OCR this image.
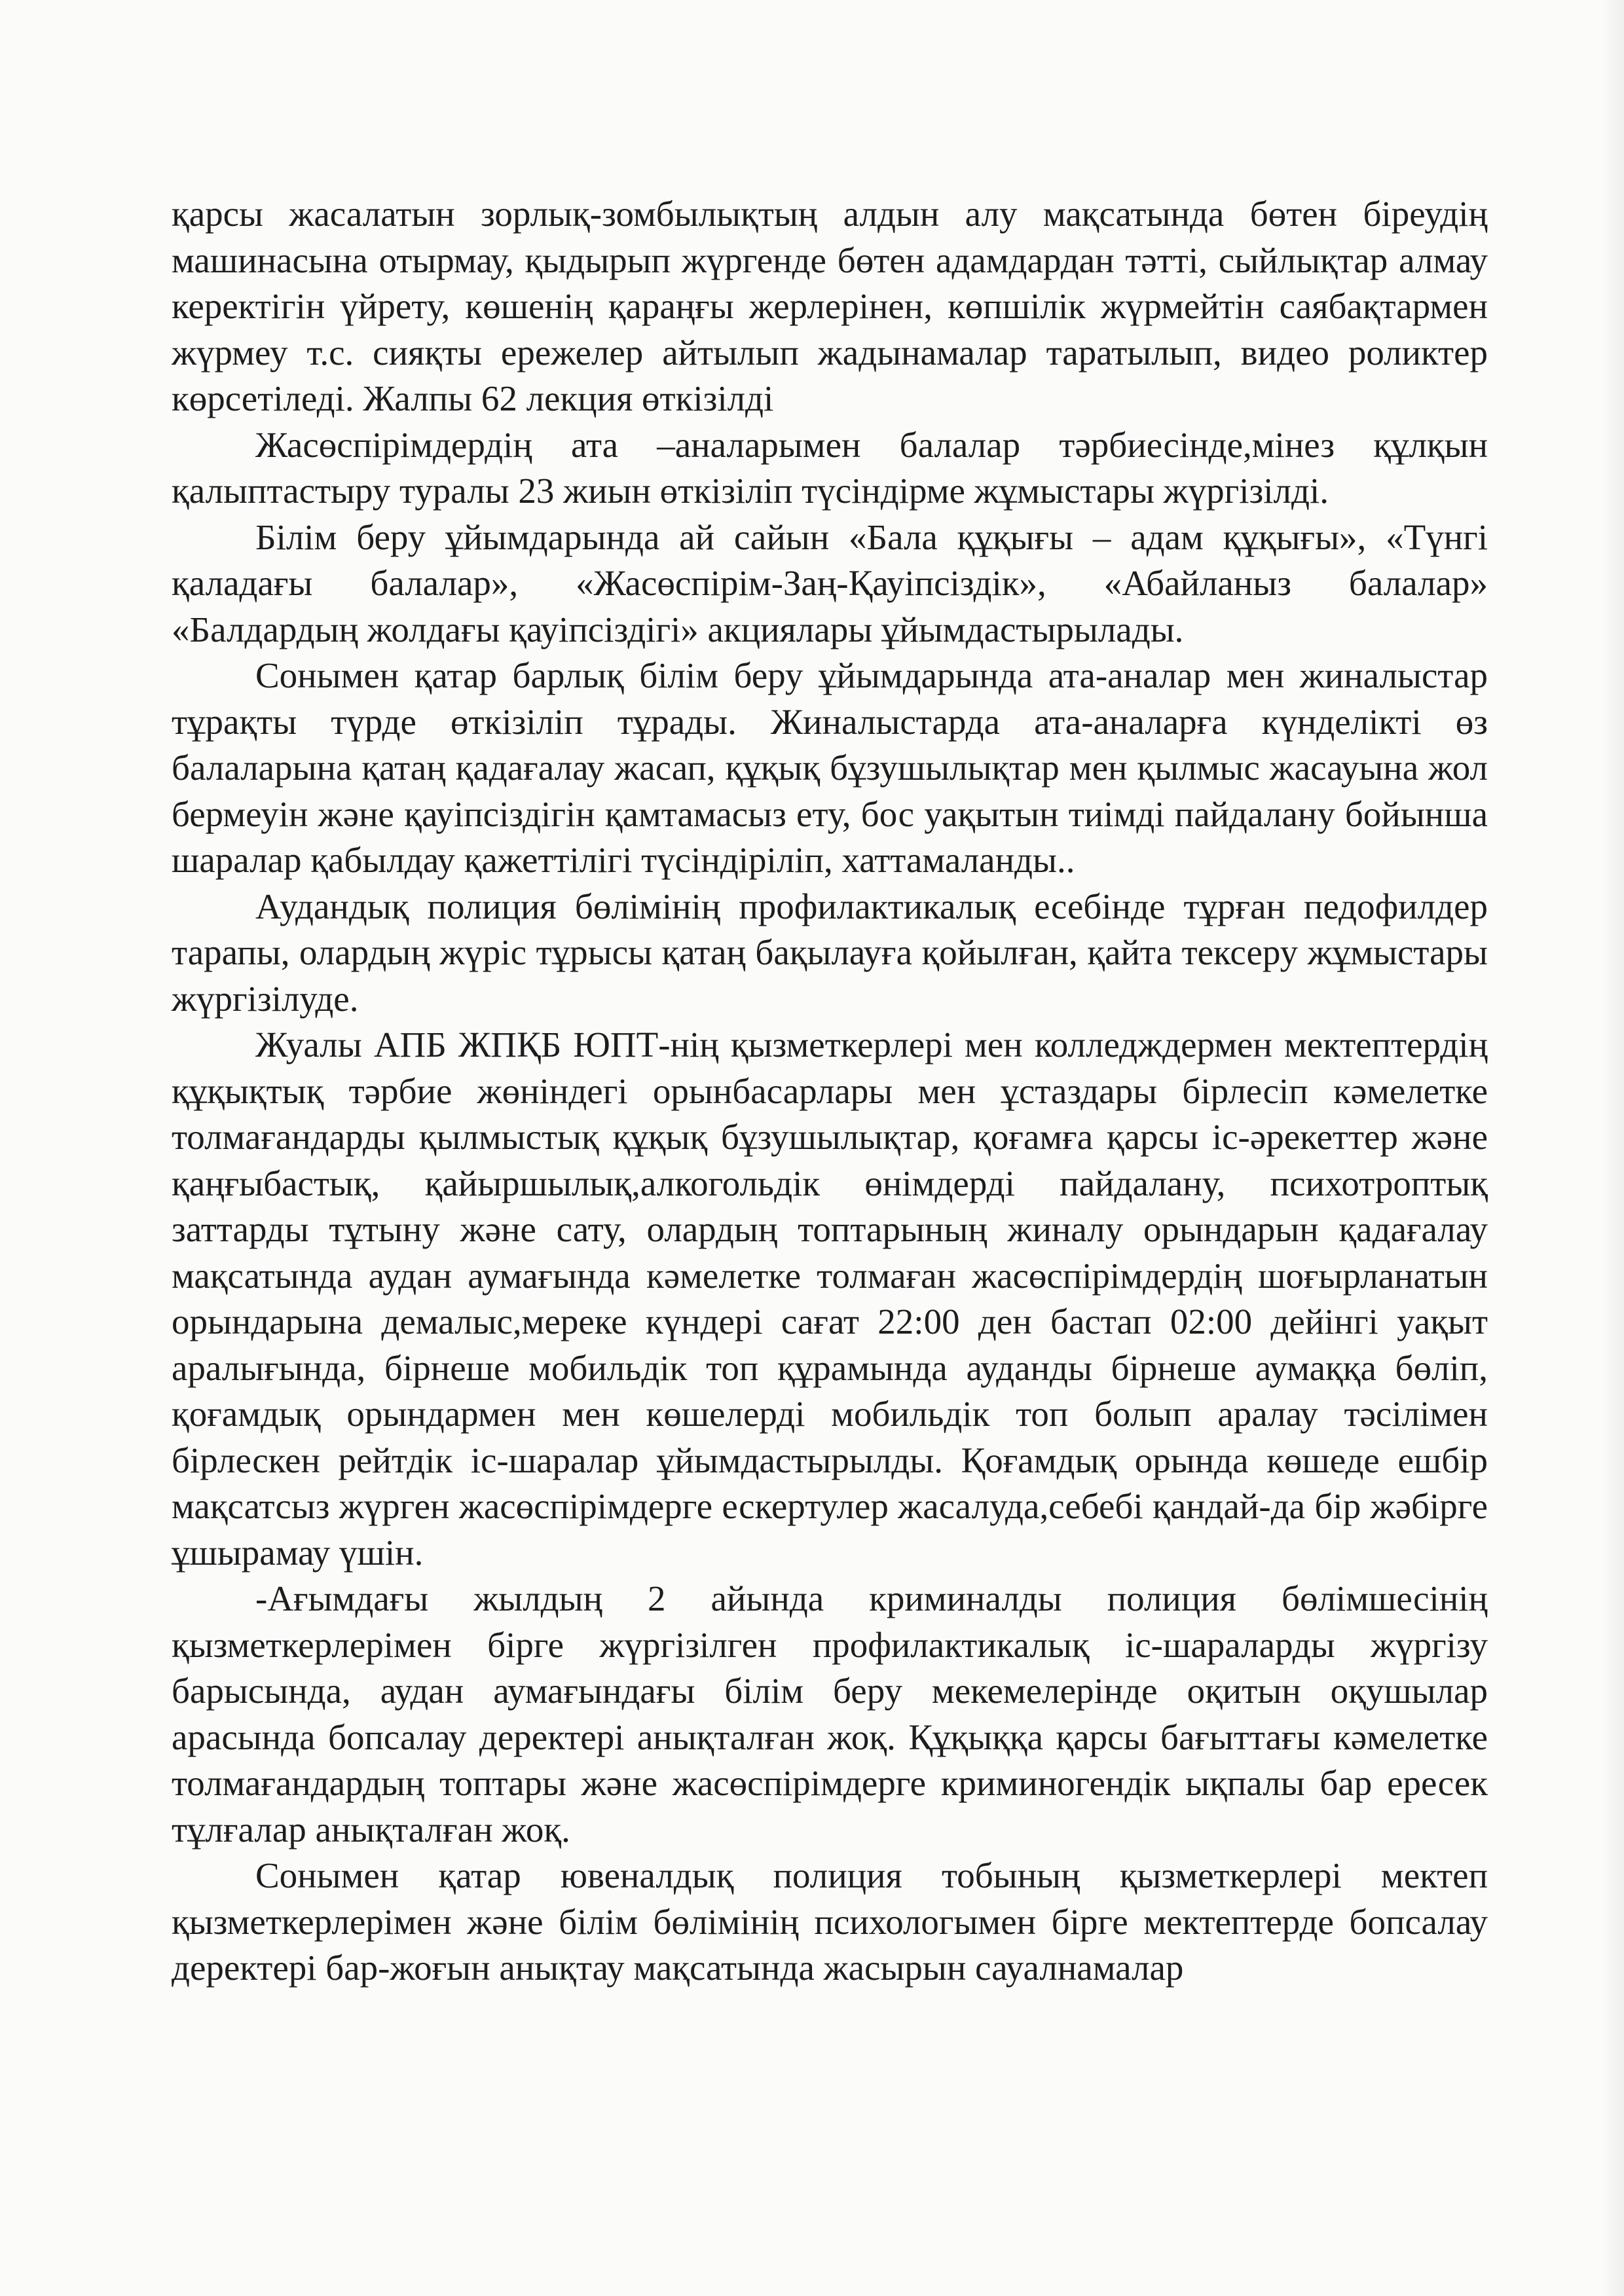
қарсы жасалатын зорлық-зомбылықтың алдын алу мақсатында бөтен біреудің машинасына отырмау, қыдырып жүргенде бөтен адамдардан тәтті, сыйлықтар алмау керектігін үйрету, көшенің қараңғы жерлерінен, көпшілік жүрмейтін саябақтармен жүрмеу т.с. сияқты ережелер айтылып жадынамалар таратылып, видео роликтер көрсетіледі. Жалпы 62 лекция өткізілді

Жасөспірімдердің ата –аналарымен балалар тәрбиесінде,мінез құлқын қалыптастыру туралы 23 жиын өткізіліп түсіндірме жұмыстары жүргізілді.

Білім беру ұйымдарында ай сайын «Бала құқығы – адам құқығы», «Түнгі қаладағы балалар», «Жасөспірім-Заң-Қауіпсіздік», «Абайланыз балалар» «Балдардың жолдағы қауіпсіздігі» акциялары ұйымдастырылады.

Сонымен қатар барлық білім беру ұйымдарында ата-аналар мен жиналыстар тұрақты түрде өткізіліп тұрады. Жиналыстарда ата-аналарға күнделікті өз балаларына қатаң қадағалау жасап, құқық бұзушылықтар мен қылмыс жасауына жол бермеуін және қауіпсіздігін қамтамасыз ету, бос уақытын тиімді пайдалану бойынша шаралар қабылдау қажеттілігі түсіндіріліп, хаттамаланды..

Аудандық полиция бөлімінің профилактикалық есебінде тұрған педофилдер тарапы, олардың жүріс тұрысы қатаң бақылауға қойылған, қайта тексеру жұмыстары жүргізілуде.

Жуалы АПБ ЖПҚБ ЮПТ-нің қызметкерлері мен колледждермен мектептердің құқықтық тәрбие жөніндегі орынбасарлары мен ұстаздары бірлесіп кәмелетке толмағандарды қылмыстық құқық бұзушылықтар, қоғамға қарсы іс-әрекеттер және қаңғыбастық, қайыршылық,алкогольдік өнімдерді пайдалану, психотроптық заттарды тұтыну және сату, олардың топтарының жиналу орындарын қадағалау мақсатында аудан аумағында кәмелетке толмаған жасөспірімдердің шоғырланатын орындарына демалыс,мереке күндері сағат 22:00 ден бастап 02:00 дейінгі уақыт аралығында, бірнеше мобильдік топ құрамында ауданды бірнеше аумаққа бөліп, қоғамдық орындармен мен көшелерді мобильдік топ болып аралау тәсілімен бірлескен рейтдік іс-шаралар ұйымдастырылды. Қоғамдық орында көшеде ешбір мақсатсыз жүрген жасөспірімдерге ескертулер жасалуда,себебі қандай-да бір жәбірге ұшырамау үшін.

-Ағымдағы жылдың 2 айында криминалды полиция бөлімшесінің қызметкерлерімен бірге жүргізілген профилактикалық іс-шараларды жүргізу барысында, аудан аумағындағы білім беру мекемелерінде оқитын оқушылар арасында бопсалау деректері анықталған жоқ. Құқыққа қарсы бағыттағы кәмелетке толмағандардың топтары және жасөспірімдерге криминогендік ықпалы бар ересек тұлғалар анықталған жоқ.

Сонымен қатар ювеналдық полиция тобының қызметкерлері мектеп қызметкерлерімен және білім бөлімінің психологымен бірге мектептерде бопсалау деректері бар-жоғын анықтау мақсатында жасырын сауалнамалар
